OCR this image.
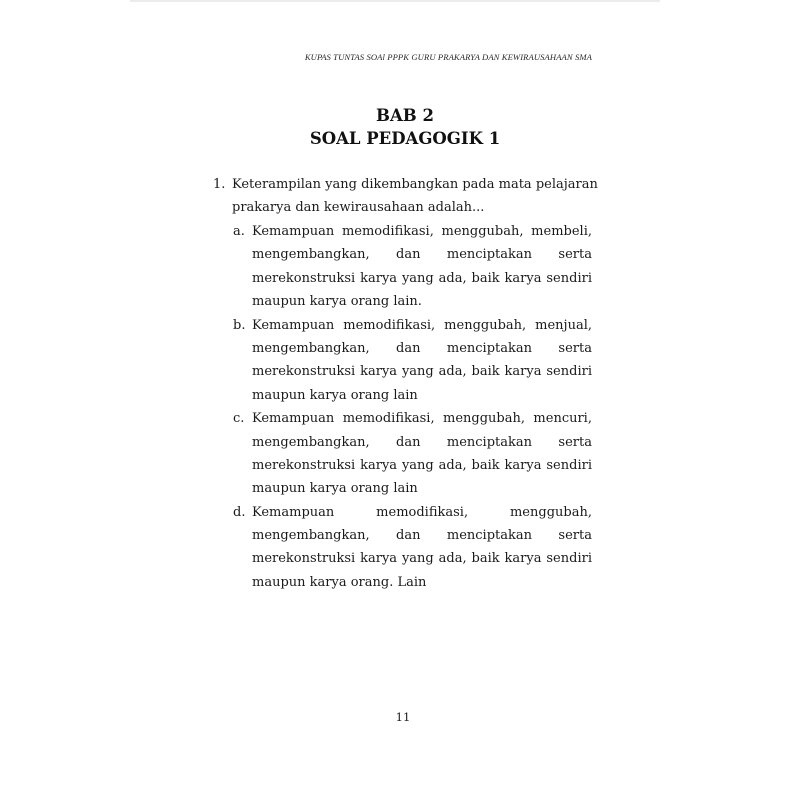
KUPAS TUNTAS SOAl PPPK GURU PRAKARYA DAN KEWIRAUSAHAAN SMA
BAB 2
SOAL PEDAGOGIK 1
1. Keterampilan yang dikembangkan pada mata pelajaran
prakarya dan kewirausahaan adalah...
a. Kemampuan memodifikasi, menggubah, membeli,
mengembangkan, dan menciptakan serta
merekonstruksi karya yang ada, baik karya sendiri
maupun karya orang lain.
b. Kemampuan memodifikasi, menggubah, menjual,
mengembangkan, dan menciptakan serta
merekonstruksi karya yang ada, baik karya sendiri
maupun karya orang lain
c. Kemampuan memodifikasi, menggubah, mencuri,
mengembangkan, dan menciptakan serta
merekonstruksi karya yang ada, baik karya sendiri
maupun karya orang lain
d. Kemampuan	memodifikasi,	menggubah,
mengembangkan, dan menciptakan serta
merekonstruksi karya yang ada, baik karya sendiri
maupun karya orang. Lain
11
